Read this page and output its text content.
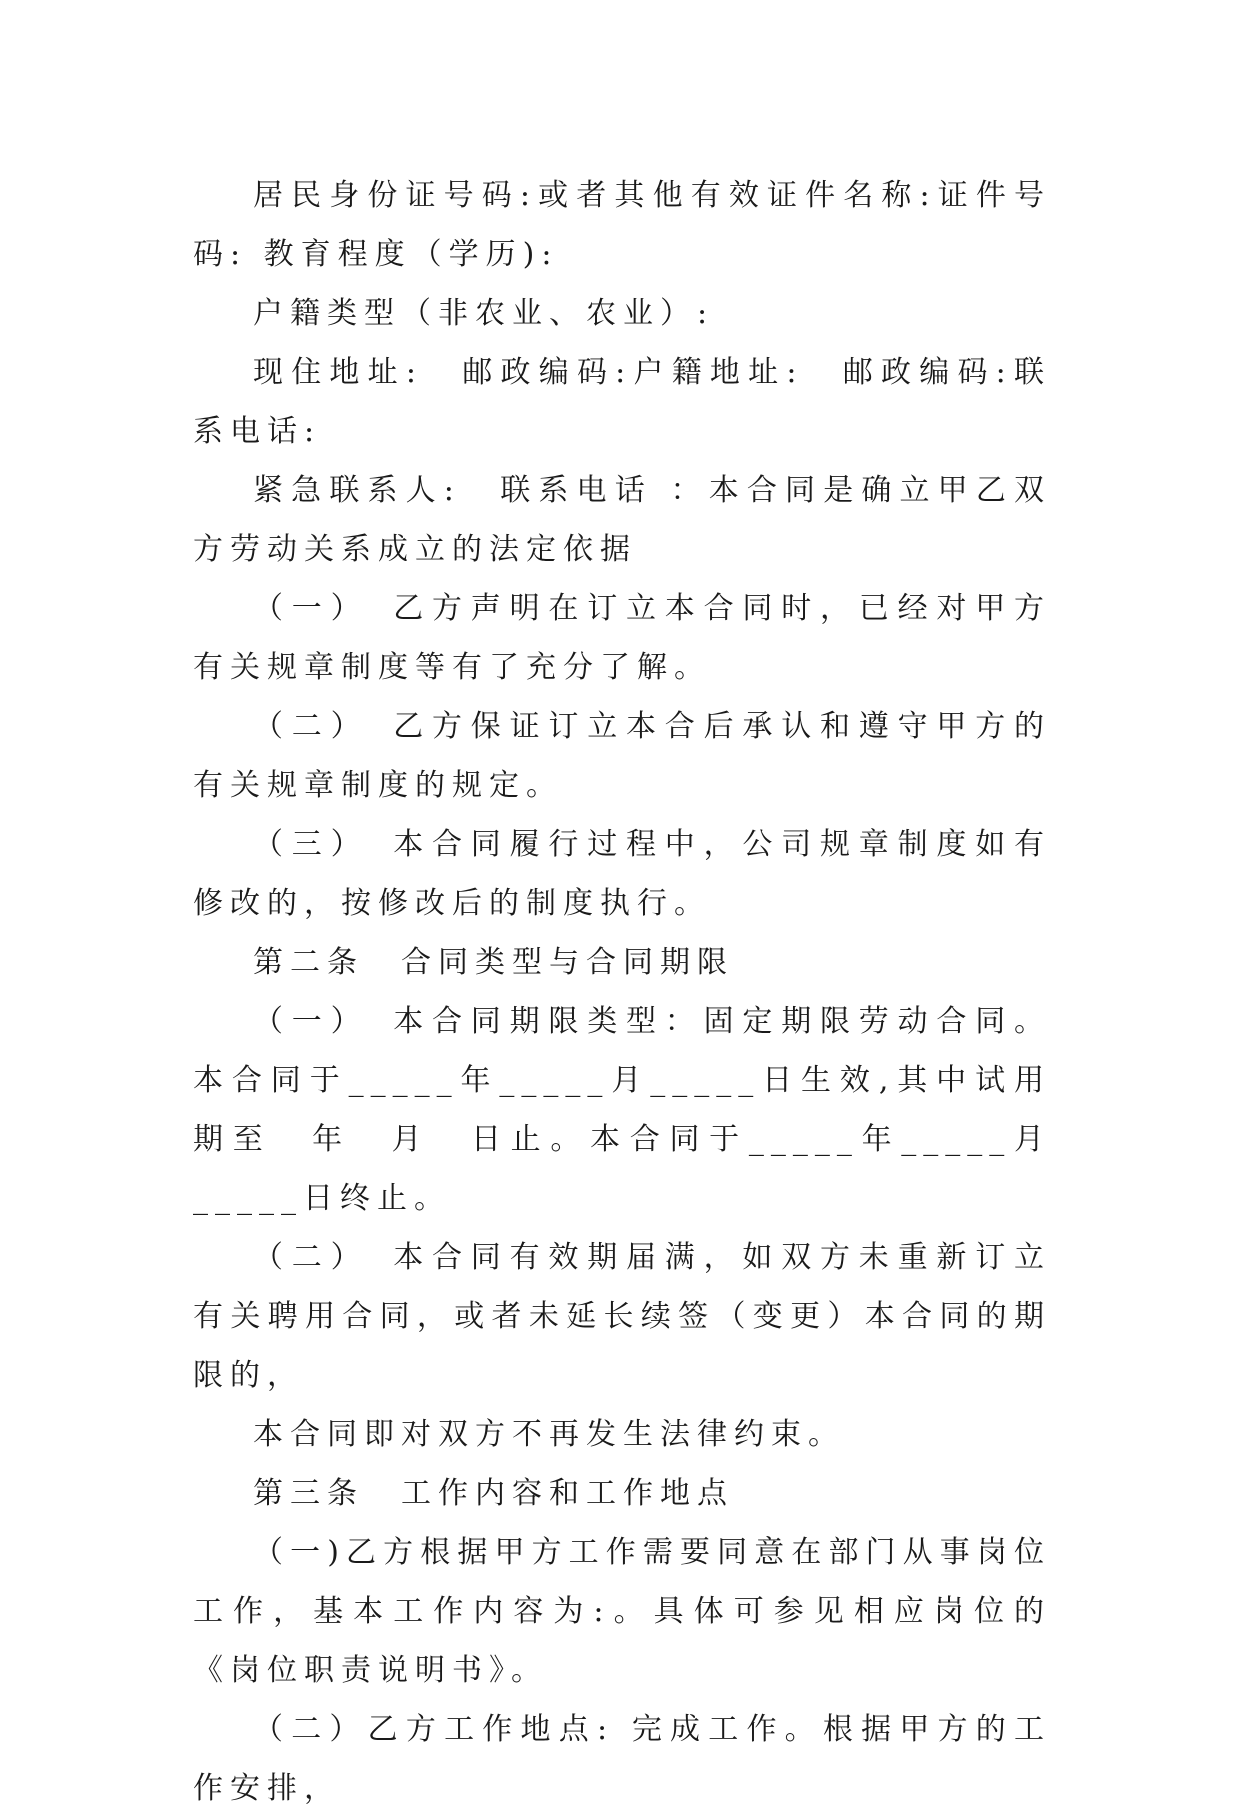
居民身份证号码:或者其他有效证件名称:证件号码: 教育程度（学历):

户籍类型（非农业、农业）:

现住地址:　邮政编码:户籍地址:　邮政编码:联系电话:

紧急联系人:　联系电话 ：本合同是确立甲乙双方劳动关系成立的法定依据

（一）　乙方声明在订立本合同时，已经对甲方有关规章制度等有了充分了解。

（二）　乙方保证订立本合后承认和遵守甲方的有关规章制度的规定。

（三）　本合同履行过程中，公司规章制度如有修改的，按修改后的制度执行。

第二条　合同类型与合同期限

（一）　本合同期限类型：固定期限劳动合同。本合同于_____年_____月_____日生效,其中试用期至　年　月　日止。本合同于_____年_____月_____日终止。

（二）　本合同有效期届满，如双方未重新订立有关聘用合同，或者未延长续签（变更）本合同的期限的，

本合同即对双方不再发生法律约束。

第三条　工作内容和工作地点

（一)乙方根据甲方工作需要同意在部门从事岗位工作，基本工作内容为:。具体可参见相应岗位的《岗位职责说明书》。

（二）乙方工作地点: 完成工作。根据甲方的工作安排，
